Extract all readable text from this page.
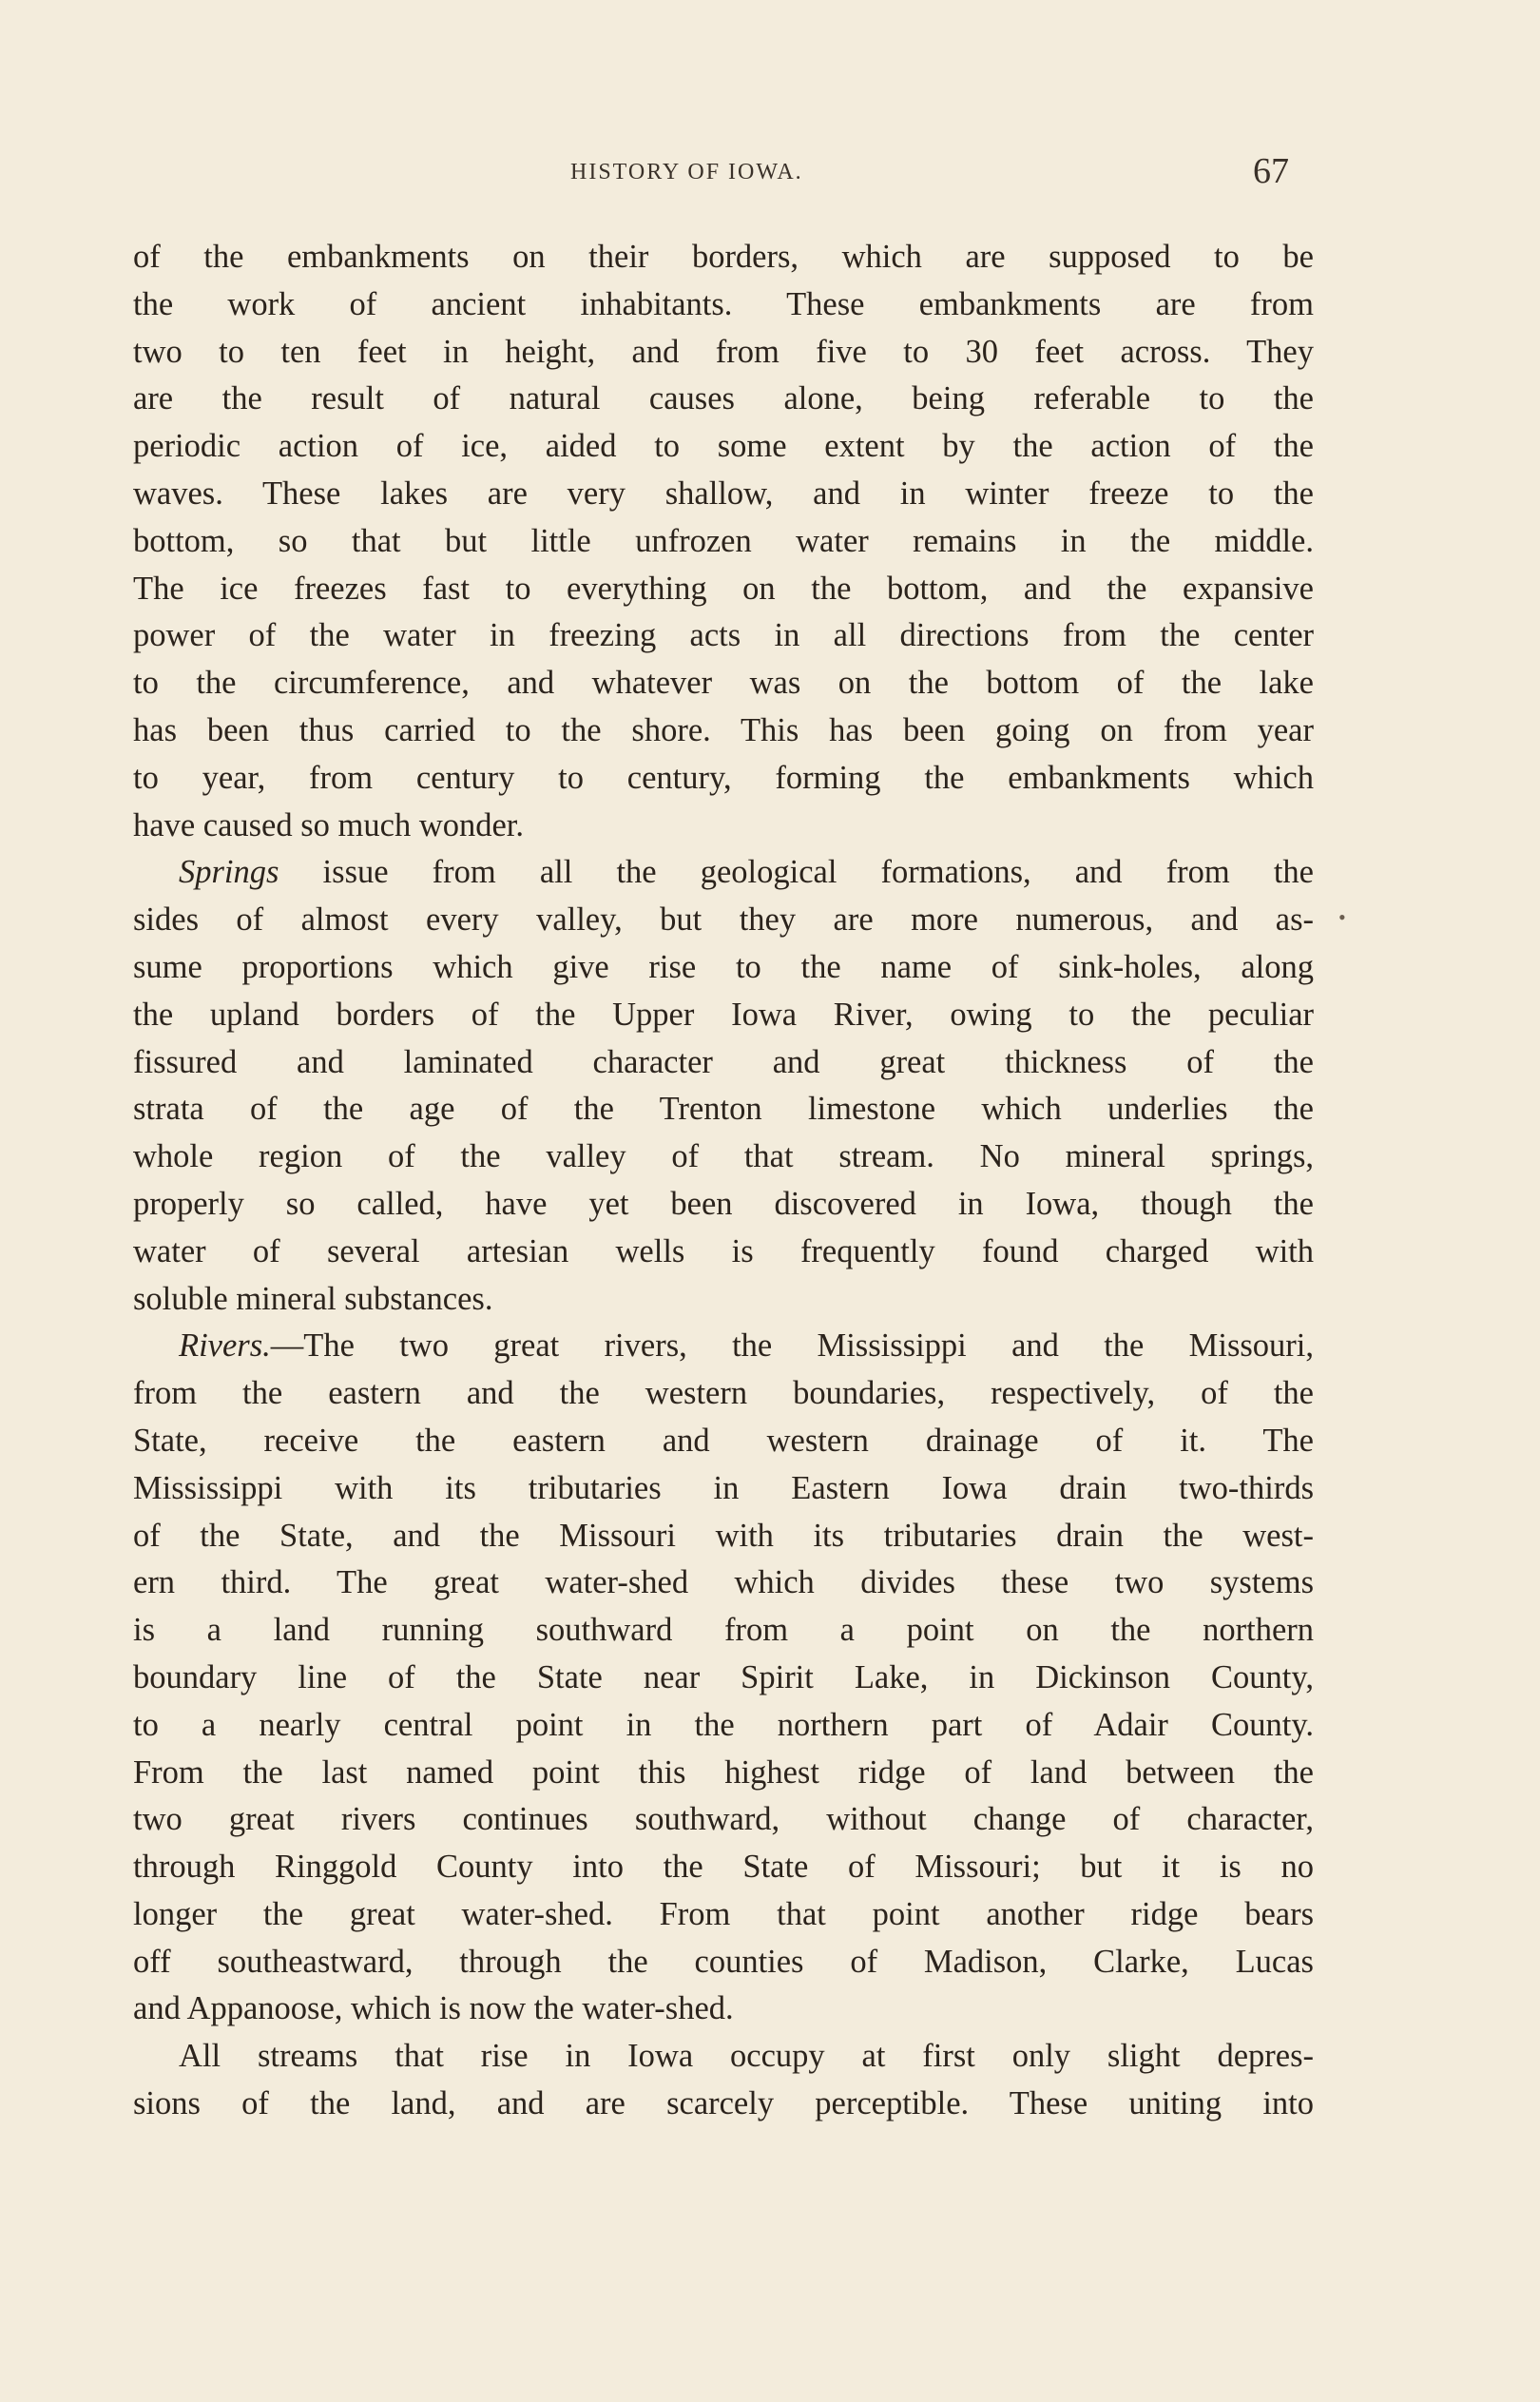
HISTORY OF IOWA.	67
•
of the embankments on their borders, which are supposed to be
the work of ancient inhabitants. These embankments are from
two to ten feet in height, and from five to 30 feet across. They
are the result of natural causes alone, being referable to the
periodic action of ice, aided to some extent by the action of the
waves. These lakes are very shallow, and in winter freeze to the
bottom, so that but little unfrozen water remains in the middle.
The ice freezes fast to everything on the bottom, and the expansive
power of the water in freezing acts in all directions from the center
to the circumference, and whatever was on the bottom of the lake
has been thus carried to the shore. This has been going on from year
to year, from century to century, forming the embankments which
have caused so much wonder.
Springs issue from all the geological formations, and from the
sides of almost every valley, but they are more numerous, and as-
sume proportions which give rise to the name of sink-holes, along
the upland borders of the Upper Iowa River, owing to the peculiar
fissured and laminated character and great thickness of the
strata of the age of the Trenton limestone which underlies the
whole region of the valley of that stream. No mineral springs,
properly so called, have yet been discovered in Iowa, though the
water of several artesian wells is frequently found charged with
soluble mineral substances.
Rivers.—The two great rivers, the Mississippi and the Missouri,
from the eastern and the western boundaries, respectively, of the
State, receive the eastern and western drainage of it. The
Mississippi with its tributaries in Eastern Iowa drain two-thirds
of the State, and the Missouri with its tributaries drain the west-
ern third. The great water-shed which divides these two systems
is a land running southward from a point on the northern
boundary line of the State near Spirit Lake, in Dickinson County,
to a nearly central point in the northern part of Adair County.
From the last named point this highest ridge of land between the
two great rivers continues southward, without change of character,
through Ringgold County into the State of Missouri; but it is no
longer the great water-shed. From that point another ridge bears
off southeastward, through the counties of Madison, Clarke, Lucas
and Appanoose, which is now the water-shed.
All streams that rise in Iowa occupy at first only slight depres-
sions of the land, and are scarcely perceptible. These uniting into
